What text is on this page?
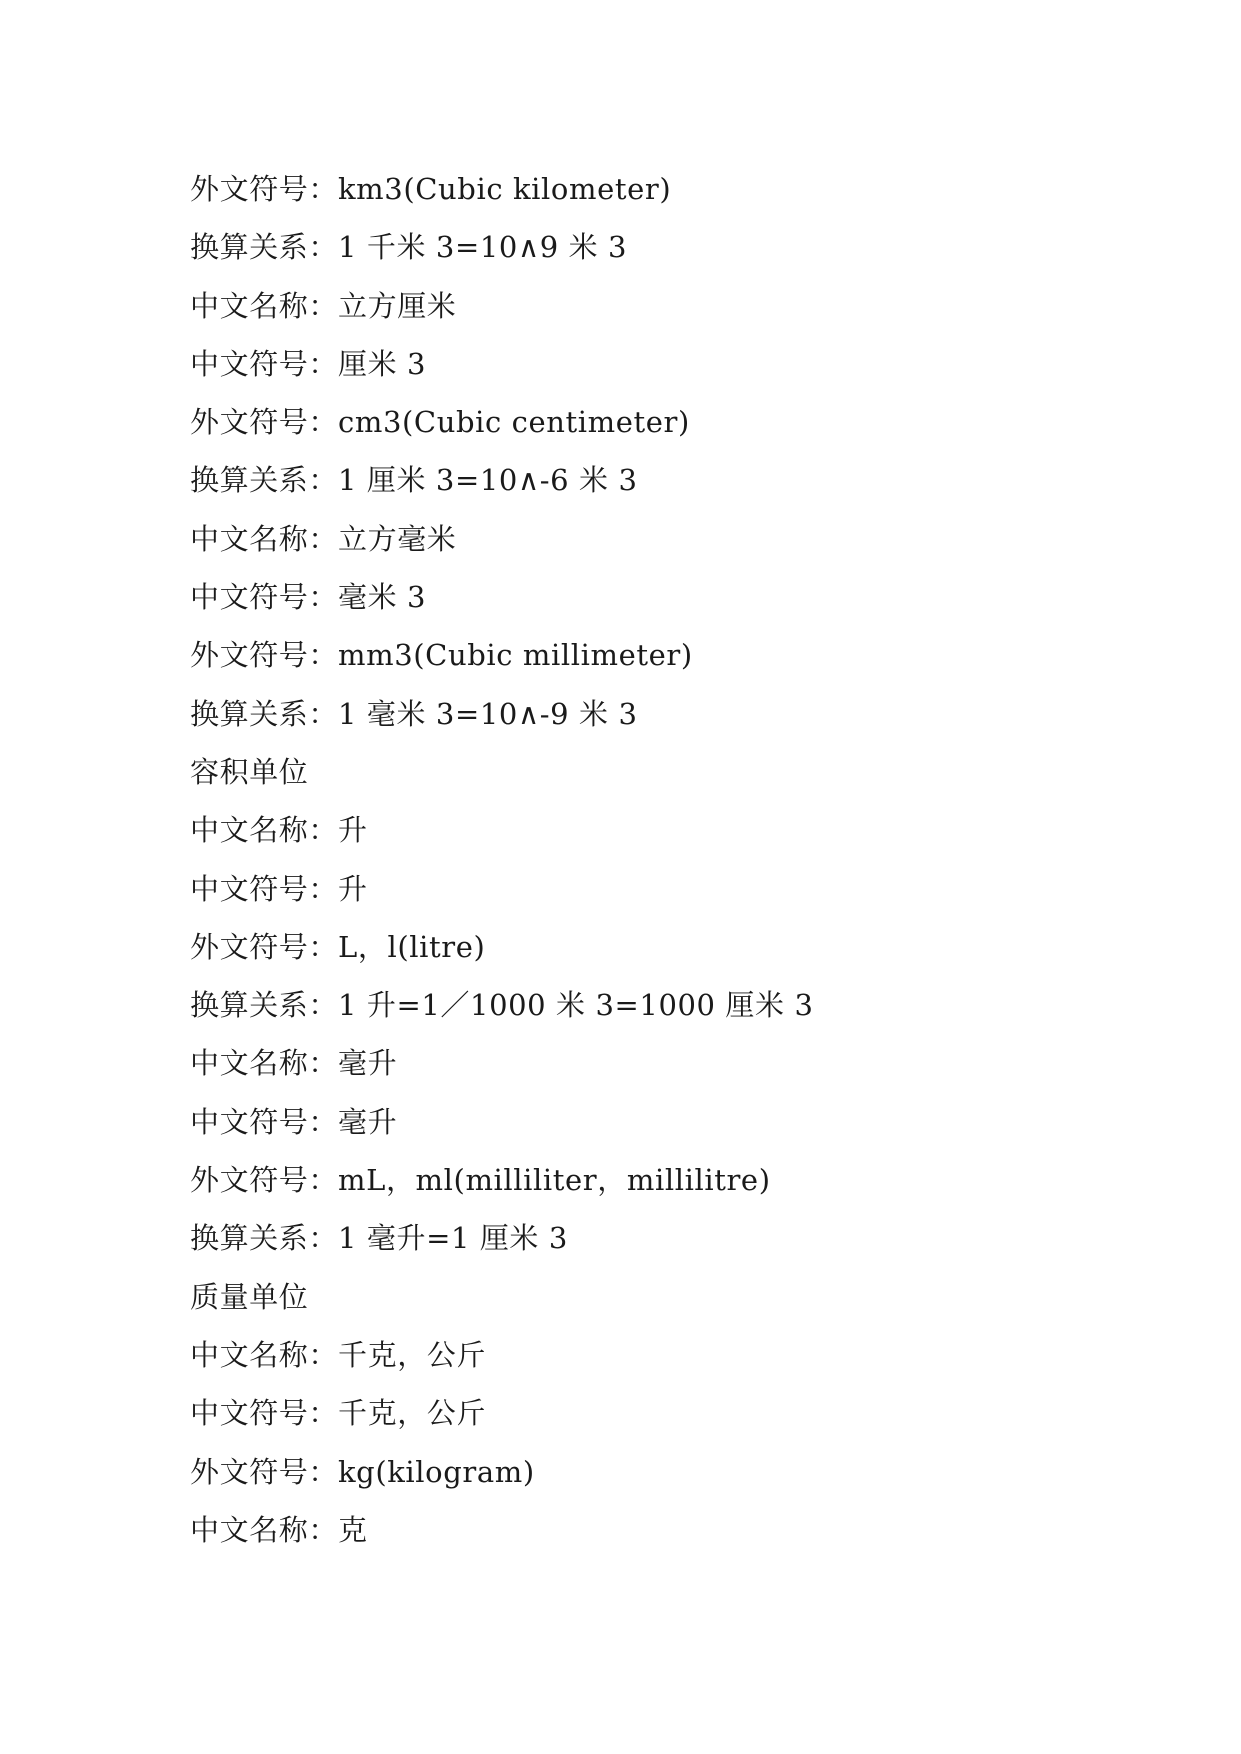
外文符号：km3(Cubic kilometer)
换算关系：1 千米 3=10∧9 米 3
中文名称：立方厘米
中文符号：厘米 3
外文符号：cm3(Cubic centimeter)
换算关系：1 厘米 3=10∧-6 米 3
中文名称：立方毫米
中文符号：毫米 3
外文符号：mm3(Cubic millimeter)
换算关系：1 毫米 3=10∧-9 米 3
容积单位
中文名称：升
中文符号：升
外文符号：L，l(litre)
换算关系：1 升=1／1000 米 3=1000 厘米 3
中文名称：毫升
中文符号：毫升
外文符号：mL，ml(milliliter，millilitre)
换算关系：1 毫升=1 厘米 3
质量单位
中文名称：千克，公斤
中文符号：千克，公斤
外文符号：kg(kilogram)
中文名称：克
